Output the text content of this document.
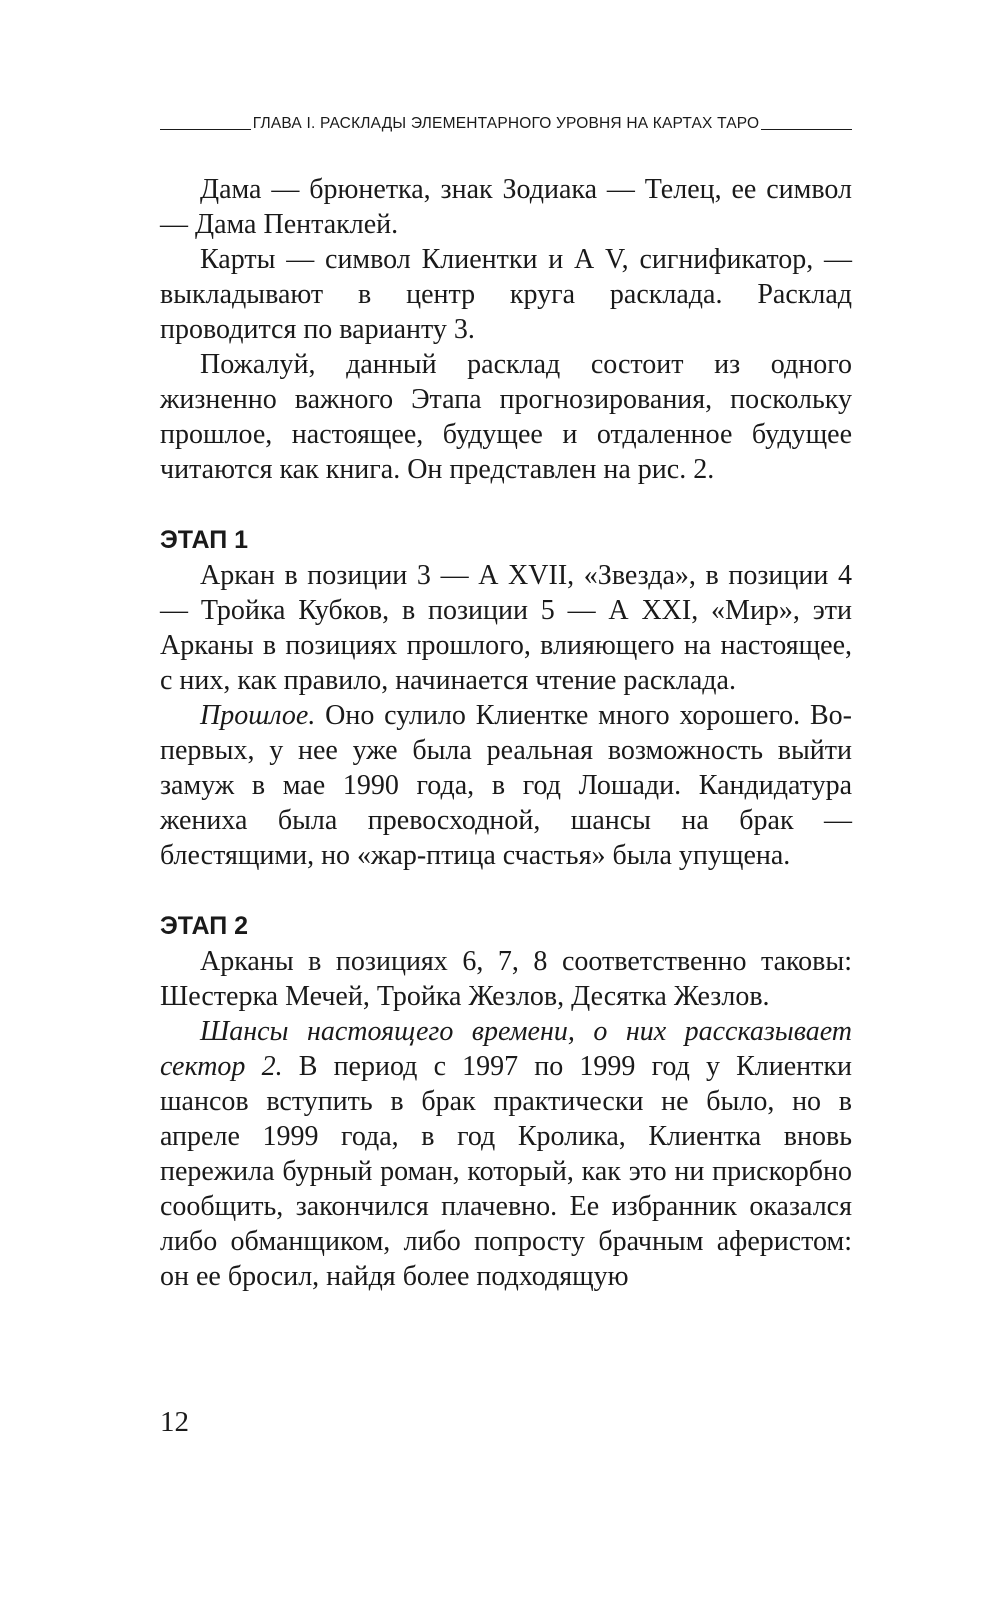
ГЛАВА I. РАСКЛАДЫ ЭЛЕМЕНТАРНОГО УРОВНЯ НА КАРТАХ ТАРО

Дама — брюнетка, знак Зодиака — Телец, ее символ — Дама Пентаклей.

Карты — символ Клиентки и А V, сигнификатор, — выкладывают в центр круга расклада. Расклад проводится по варианту 3.

Пожалуй, данный расклад состоит из одного жизненно важного Этапа прогнозирования, поскольку прошлое, настоящее, будущее и отдаленное будущее читаются как книга. Он представлен на рис. 2.

ЭТАП 1

Аркан в позиции 3 — А XVII, «Звезда», в позиции 4 — Тройка Кубков, в позиции 5 — А XXI, «Мир», эти Арканы в позициях прошлого, влияющего на настоящее, с них, как правило, начинается чтение расклада.

Прошлое. Оно сулило Клиентке много хорошего. Во-первых, у нее уже была реальная возможность выйти замуж в мае 1990 года, в год Лошади. Кандидатура жениха была превосходной, шансы на брак — блестящими, но «жар-птица счастья» была упущена.

ЭТАП 2

Арканы в позициях 6, 7, 8 соответственно таковы: Шестерка Мечей, Тройка Жезлов, Десятка Жезлов.

Шансы настоящего времени, о них рассказывает сектор 2. В период с 1997 по 1999 год у Клиентки шансов вступить в брак практически не было, но в апреле 1999 года, в год Кролика, Клиентка вновь пережила бурный роман, который, как это ни прискорбно сообщить, закончился плачевно. Ее избранник оказался либо обманщиком, либо попросту брачным аферистом: он ее бросил, найдя более подходящую

12
